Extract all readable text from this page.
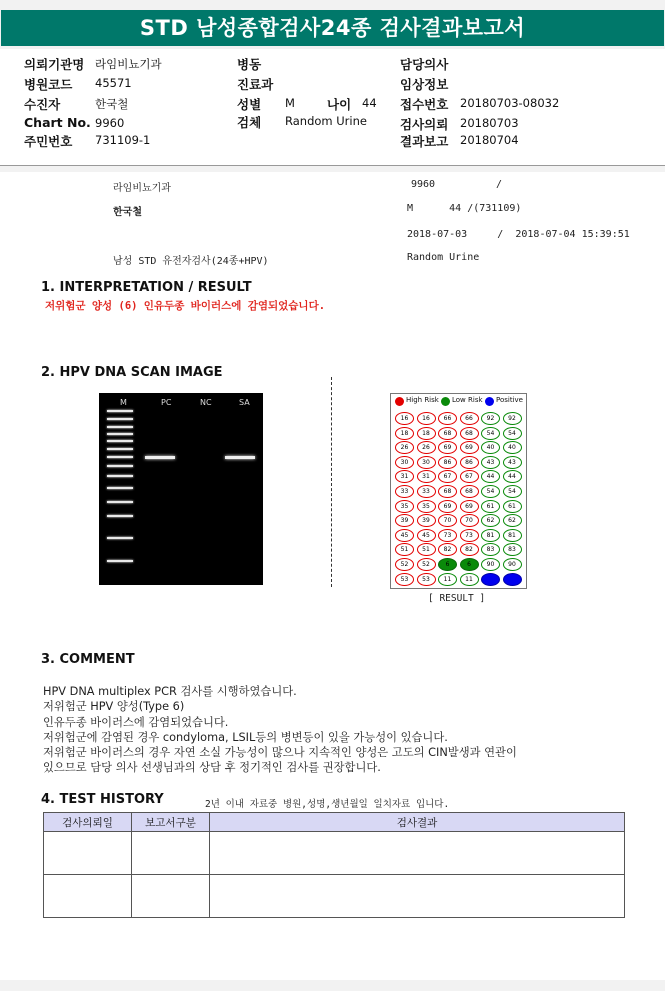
STD 남성종합검사24종 검사결과보고서
의뢰기관명 라임비뇨기과
병원코드 45571
수진자	한국철
Chart No. 9960
주민번호 731109-1
병동
진료과
성별 M	나이 44
검체 Random Urine
담당의사
임상정보
접수번호 20180703-08032
검사의뢰 20180703
결과보고 20180704
라임비뇨기과	9960	/
한국철	M      44 /(731109)
2018-07-03     /  2018-07-04 15:39:51
남성 STD 유전자검사(24종+HPV)	Random Urine
1. INTERPRETATION / RESULT
저위험군 양성 (6) 인유두종 바이러스에 감염되었습니다.
2. HPV DNA SCAN IMAGE
M	PC	NC	SA	High Risk Low Risk Positive
16	16	66	66	92	92
18	18	68	68	54	54
26	26	69	69	40	40
30	30	86	86	43	43
31	31	67	67	44	44
33	33	68	68	54	54
35	35	69	69	61	61
39	39	70	70	62	62
45	45	73	73	81	81
51	51	82	82	83	83
52	52	6	6	90	90
53	53	11	11
[ RESULT ]
3. COMMENT
HPV DNA multiplex PCR 검사를 시행하였습니다.
저위험군 HPV 양성(Type 6)
인유두종 바이러스에 감염되었습니다.
저위험군에 감염된 경우 condyloma, LSIL등의 병변등이 있을 가능성이 있습니다.
저위험군 바이러스의 경우 자연 소실 가능성이 많으나 지속적인 양성은 고도의 CIN발생과 연관이
있으므로 담당 의사 선생님과의 상담 후 정기적인 검사를 권장합니다.
4. TEST HISTORY	2년 이내 자료중 병원,성명,생년월일 일치자료 입니다.
검사의뢰일	보고서구분	검사결과
